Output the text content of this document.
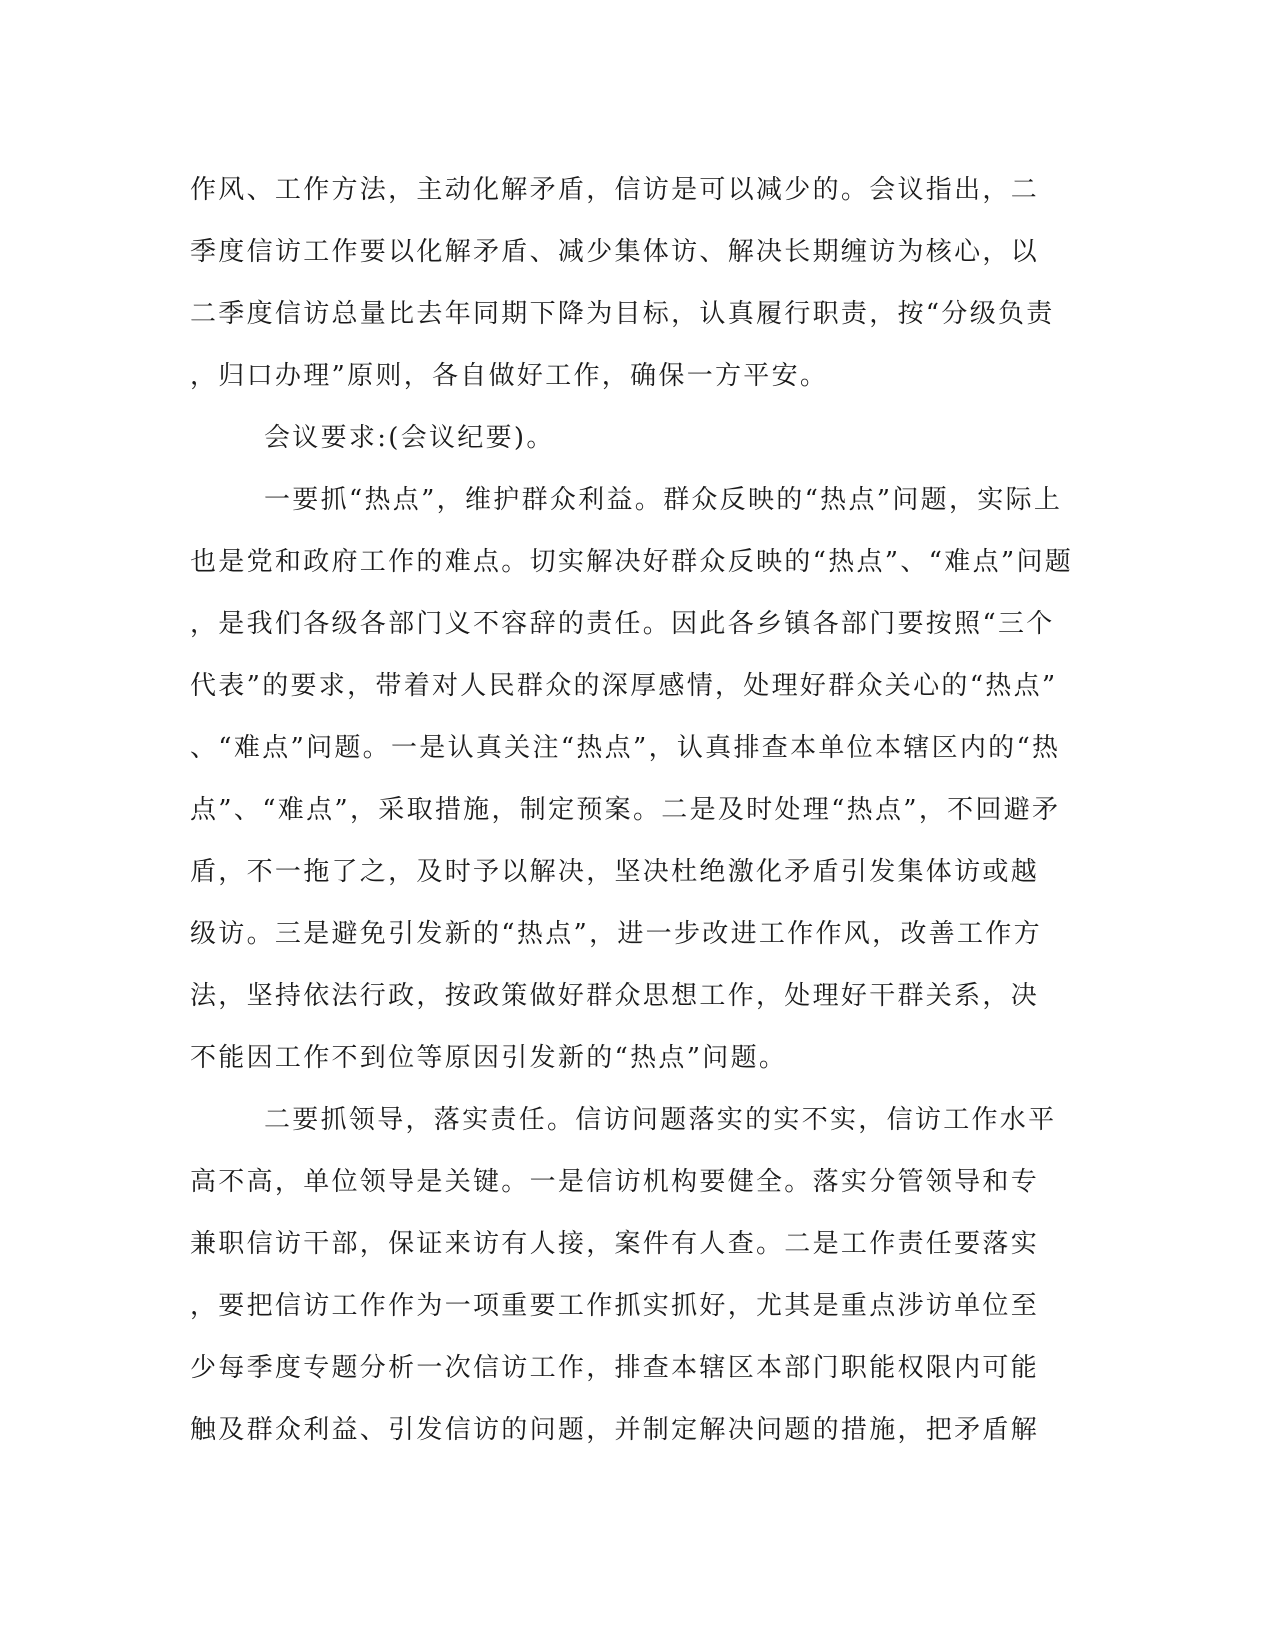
作风、工作方法，主动化解矛盾，信访是可以减少的。会议指出，二
季度信访工作要以化解矛盾、减少集体访、解决长期缠访为核心，以
二季度信访总量比去年同期下降为目标，认真履行职责，按“分级负责
，归口办理”原则，各自做好工作，确保一方平安。
会议要求:(会议纪要)。
一要抓“热点”，维护群众利益。群众反映的“热点”问题，实际上
也是党和政府工作的难点。切实解决好群众反映的“热点”、“难点”问题
，是我们各级各部门义不容辞的责任。因此各乡镇各部门要按照“三个
代表”的要求，带着对人民群众的深厚感情，处理好群众关心的“热点”
、“难点”问题。一是认真关注“热点”，认真排查本单位本辖区内的“热
点”、“难点”，采取措施，制定预案。二是及时处理“热点”，不回避矛
盾，不一拖了之，及时予以解决，坚决杜绝激化矛盾引发集体访或越
级访。三是避免引发新的“热点”，进一步改进工作作风，改善工作方
法，坚持依法行政，按政策做好群众思想工作，处理好干群关系，决
不能因工作不到位等原因引发新的“热点”问题。
二要抓领导，落实责任。信访问题落实的实不实，信访工作水平
高不高，单位领导是关键。一是信访机构要健全。落实分管领导和专
兼职信访干部，保证来访有人接，案件有人查。二是工作责任要落实
，要把信访工作作为一项重要工作抓实抓好，尤其是重点涉访单位至
少每季度专题分析一次信访工作，排查本辖区本部门职能权限内可能
触及群众利益、引发信访的问题，并制定解决问题的措施，把矛盾解
